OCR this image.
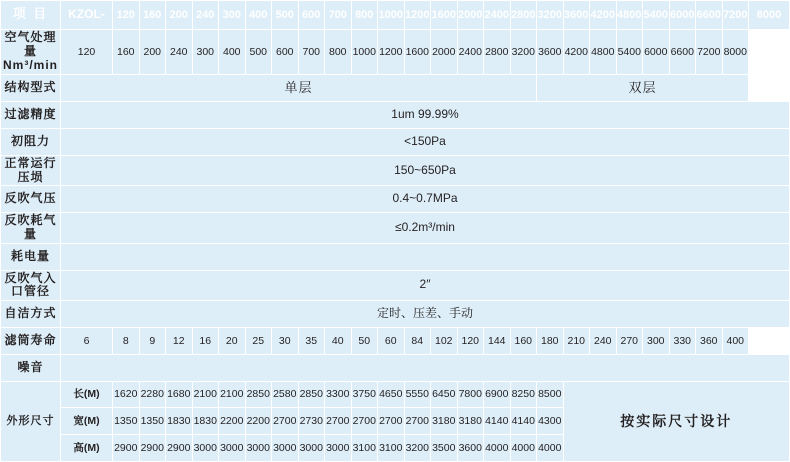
项 目	KZOL-	120	160	200	240	300	400	500	600	700	800	1000	1200	1600	2000	2400	2800	3200	3600	4200	4800	5400	6000	6600	7200	8000
空气处理量Nm³/min	120	160	200	240	300	400	500	600	700	800	1000	1200	1600	2000	2400	2800	3200	3600	4200	4800	5400	6000	6600	7200	8000	
结构型式	单层																	双层								
过滤精度	1um 99.99%																									
初阻力	<150Pa																									
正常运行压埙	150~650Pa																									
反吹气压	0.4~0.7MPa																									
反吹耗气量	≤0.2m³/min																									
耗电量																										
反吹气入口管径	2″																									
自洁方式	定时、压差、手动																									
滤筒寿命	6	8	9	12	16	20	25	30	35	40	50	60	84	102	120	144	160	180	210	240	270	300	330	360	400	
噪音																										
外形尺寸	长(M)	1620	2280	1680	2100	2100	2850	2580	2850	3300	3750	4650	5550	6450	7800	6900	8250	8500	按实际尺寸设计							
	宽(M)	1350	1350	1830	1830	2200	2200	2700	2730	2700	2700	2700	2700	3180	3180	4140	4140	4300								
	高(M)	2900	2900	2900	3000	3000	3000	3000	3000	3000	3100	3100	3200	3500	3600	4000	4000	4000								
